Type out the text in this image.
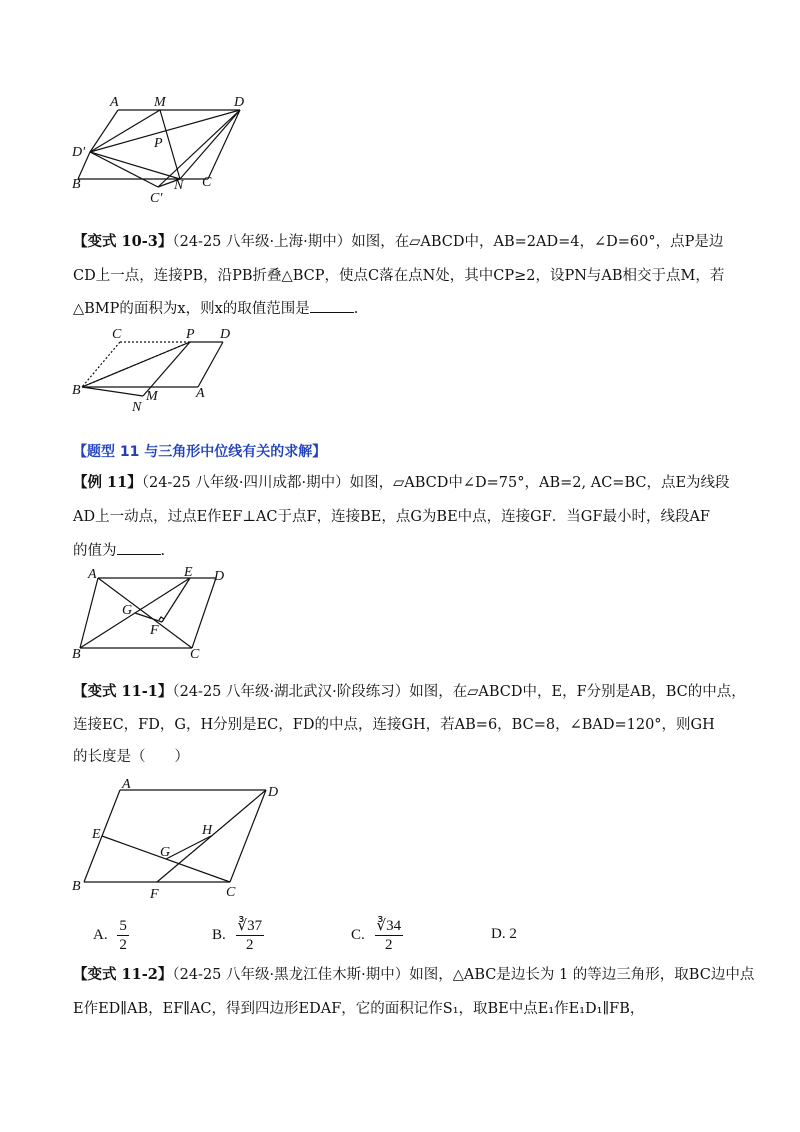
A	M	D
D′
P
B	N C
C′
【变式 10-3】（24-25 八年级·上海·期中）如图，在▱ABCD中，AB=2AD=4，∠D=60°，点P是边
CD上一点，连接PB，沿PB折叠△BCP，使点C落在点N处，其中CP≥2，设PN与AB相交于点M，若
△BMP的面积为x，则x的取值范围是	.
C	P D
B	M	A
N
【题型 11 与三角形中位线有关的求解】
【例 11】（24-25 八年级·四川成都·期中）如图，▱ABCD中∠D=75°，AB=2, AC=BC，点E为线段
AD上一动点，过点E作EF⊥AC于点F，连接BE，点G为BE中点，连接GF．当GF最小时，线段AF
的值为	.
A	E D
G
F
B	C
【变式 11-1】（24-25 八年级·湖北武汉·阶段练习）如图，在▱ABCD中，E，F分别是AB，BC的中点，
连接EC，FD，G，H分别是EC，FD的中点，连接GH，若AB=6，BC=8，∠BAD=120°，则GH
的长度是（　　）
A
D
E	H
G
B
F	C
A. $\frac{5}{2}$	B. $\frac{∛37}{2}$	C. $\frac{∛34}{2}$	D. 2
【变式 11-2】（24-25 八年级·黑龙江佳木斯·期中）如图，△ABC是边长为 1 的等边三角形，取BC边中点
E作ED∥AB，EF∥AC，得到四边形EDAF，它的面积记作S₁，取BE中点E₁作E₁D₁∥FB，
